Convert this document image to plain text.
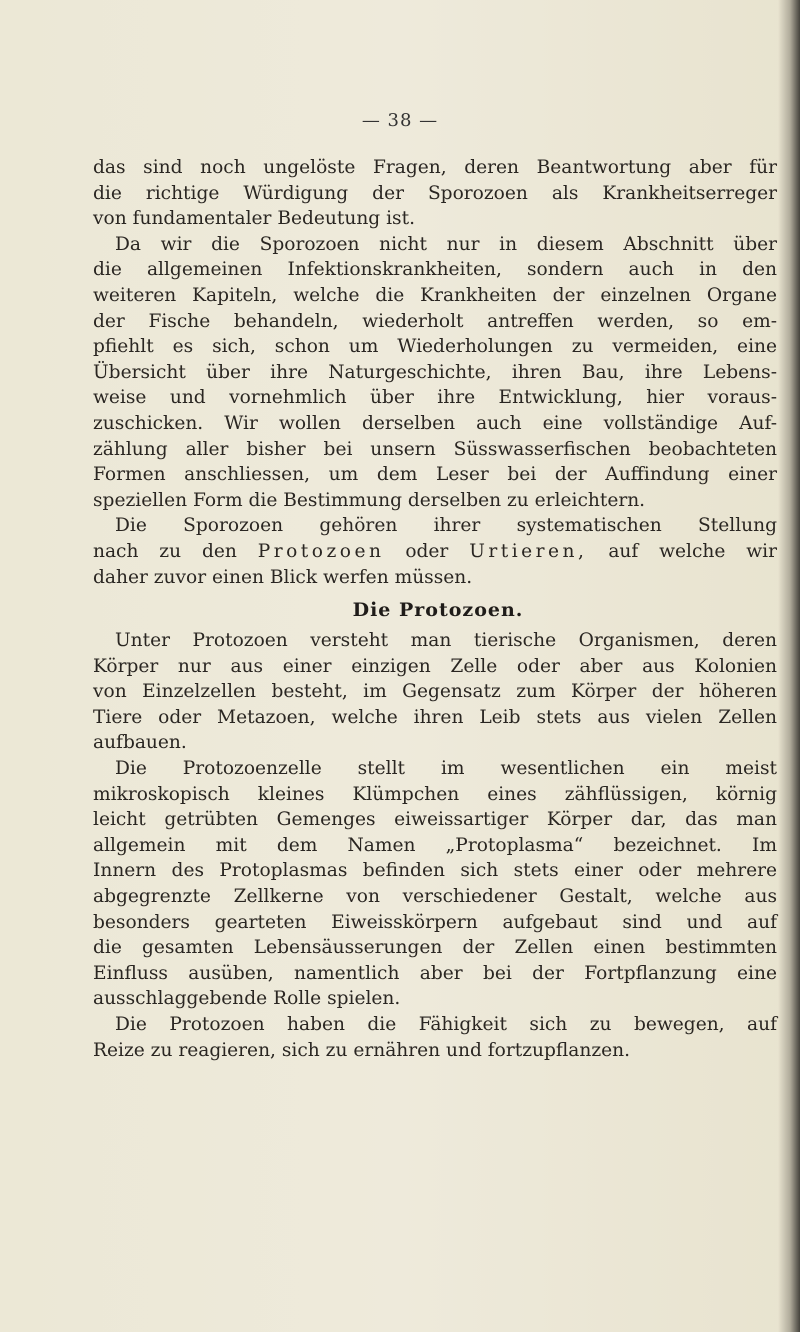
— 38 —
das sind noch ungelöste Fragen, deren Beantwortung aber für
die richtige Würdigung der Sporozoen als Krankheitserreger
von fundamentaler Bedeutung ist.
Da wir die Sporozoen nicht nur in diesem Abschnitt über
die allgemeinen Infektionskrankheiten, sondern auch in den
weiteren Kapiteln, welche die Krankheiten der einzelnen Organe
der Fische behandeln, wiederholt antreffen werden, so em-
pfiehlt es sich, schon um Wiederholungen zu vermeiden, eine
Übersicht über ihre Naturgeschichte, ihren Bau, ihre Lebens-
weise und vornehmlich über ihre Entwicklung, hier voraus-
zuschicken. Wir wollen derselben auch eine vollständige Auf-
zählung aller bisher bei unsern Süsswasserfischen beobachteten
Formen anschliessen, um dem Leser bei der Auffindung einer
speziellen Form die Bestimmung derselben zu erleichtern.
Die Sporozoen gehören ihrer systematischen Stellung
nach zu den Protozoen oder Urtieren, auf welche wir
daher zuvor einen Blick werfen müssen.
Die Protozoen.
Unter Protozoen versteht man tierische Organismen, deren
Körper nur aus einer einzigen Zelle oder aber aus Kolonien
von Einzelzellen besteht, im Gegensatz zum Körper der höheren
Tiere oder Metazoen, welche ihren Leib stets aus vielen Zellen
aufbauen.
Die Protozoenzelle stellt im wesentlichen ein meist
mikroskopisch kleines Klümpchen eines zähflüssigen, körnig
leicht getrübten Gemenges eiweissartiger Körper dar, das man
allgemein mit dem Namen „Protoplasma“ bezeichnet. Im
Innern des Protoplasmas befinden sich stets einer oder mehrere
abgegrenzte Zellkerne von verschiedener Gestalt, welche aus
besonders gearteten Eiweisskörpern aufgebaut sind und auf
die gesamten Lebensäusserungen der Zellen einen bestimmten
Einfluss ausüben, namentlich aber bei der Fortpflanzung eine
ausschlaggebende Rolle spielen.
Die Protozoen haben die Fähigkeit sich zu bewegen, auf
Reize zu reagieren, sich zu ernähren und fortzupflanzen.
